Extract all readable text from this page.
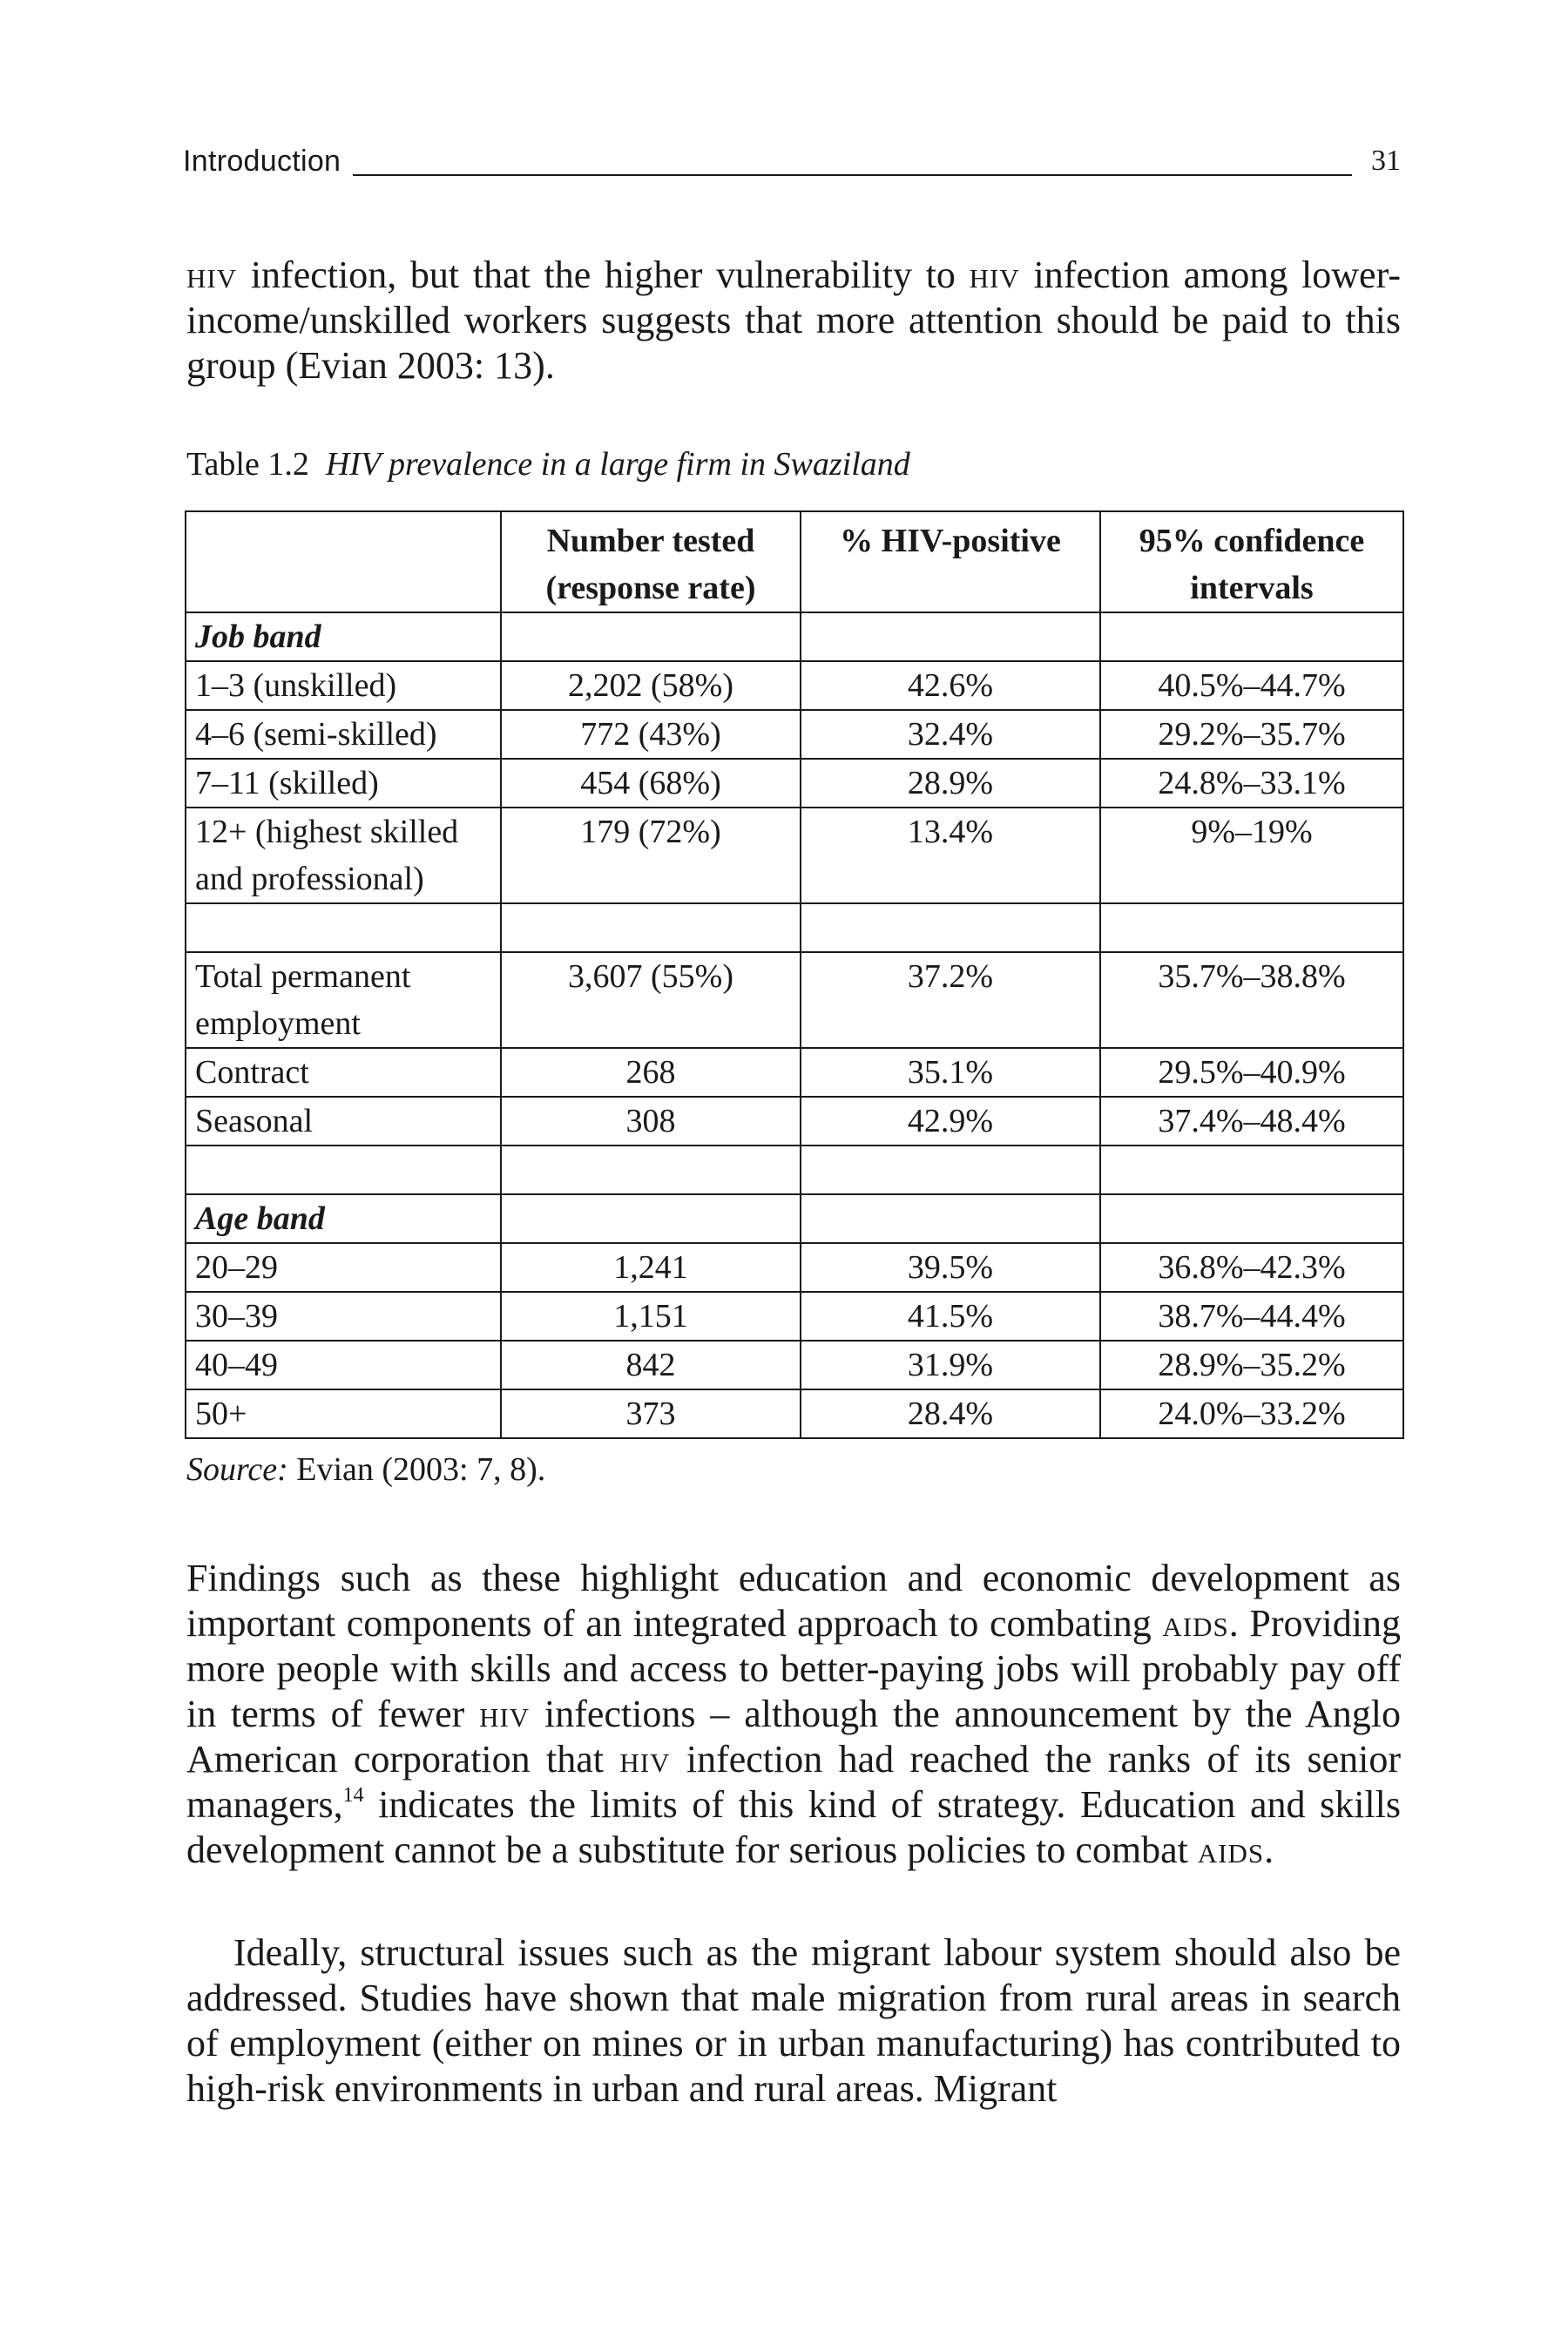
Introduction	31

hiv infection, but that the higher vulnerability to hiv infection among lower-income/unskilled workers suggests that more attention should be paid to this group (Evian 2003: 13).

Table 1.2 HIV prevalence in a large firm in Swaziland

	Number tested (response rate)	% HIV-positive	95% confidence intervals
Job band			
1–3 (unskilled)	2,202 (58%)	42.6%	40.5%–44.7%
4–6 (semi-skilled)	772 (43%)	32.4%	29.2%–35.7%
7–11 (skilled)	454 (68%)	28.9%	24.8%–33.1%
12+ (highest skilled and professional)	179 (72%)	13.4%	9%–19%

Total permanent employment	3,607 (55%)	37.2%	35.7%–38.8%
Contract	268	35.1%	29.5%–40.9%
Seasonal	308	42.9%	37.4%–48.4%

Age band			
20–29	1,241	39.5%	36.8%–42.3%
30–39	1,151	41.5%	38.7%–44.4%
40–49	842	31.9%	28.9%–35.2%
50+	373	28.4%	24.0%–33.2%

Source: Evian (2003: 7, 8).

Findings such as these highlight education and economic development as important components of an integrated approach to combating aids. Providing more people with skills and access to better-paying jobs will probably pay off in terms of fewer hiv infections – although the announcement by the Anglo American corporation that hiv infection had reached the ranks of its senior managers,$^{14}$ indicates the limits of this kind of strategy. Education and skills development cannot be a substitute for serious policies to combat aids.

Ideally, structural issues such as the migrant labour system should also be addressed. Studies have shown that male migration from rural areas in search of employment (either on mines or in urban manufacturing) has contributed to high-risk environments in urban and rural areas. Migrant
